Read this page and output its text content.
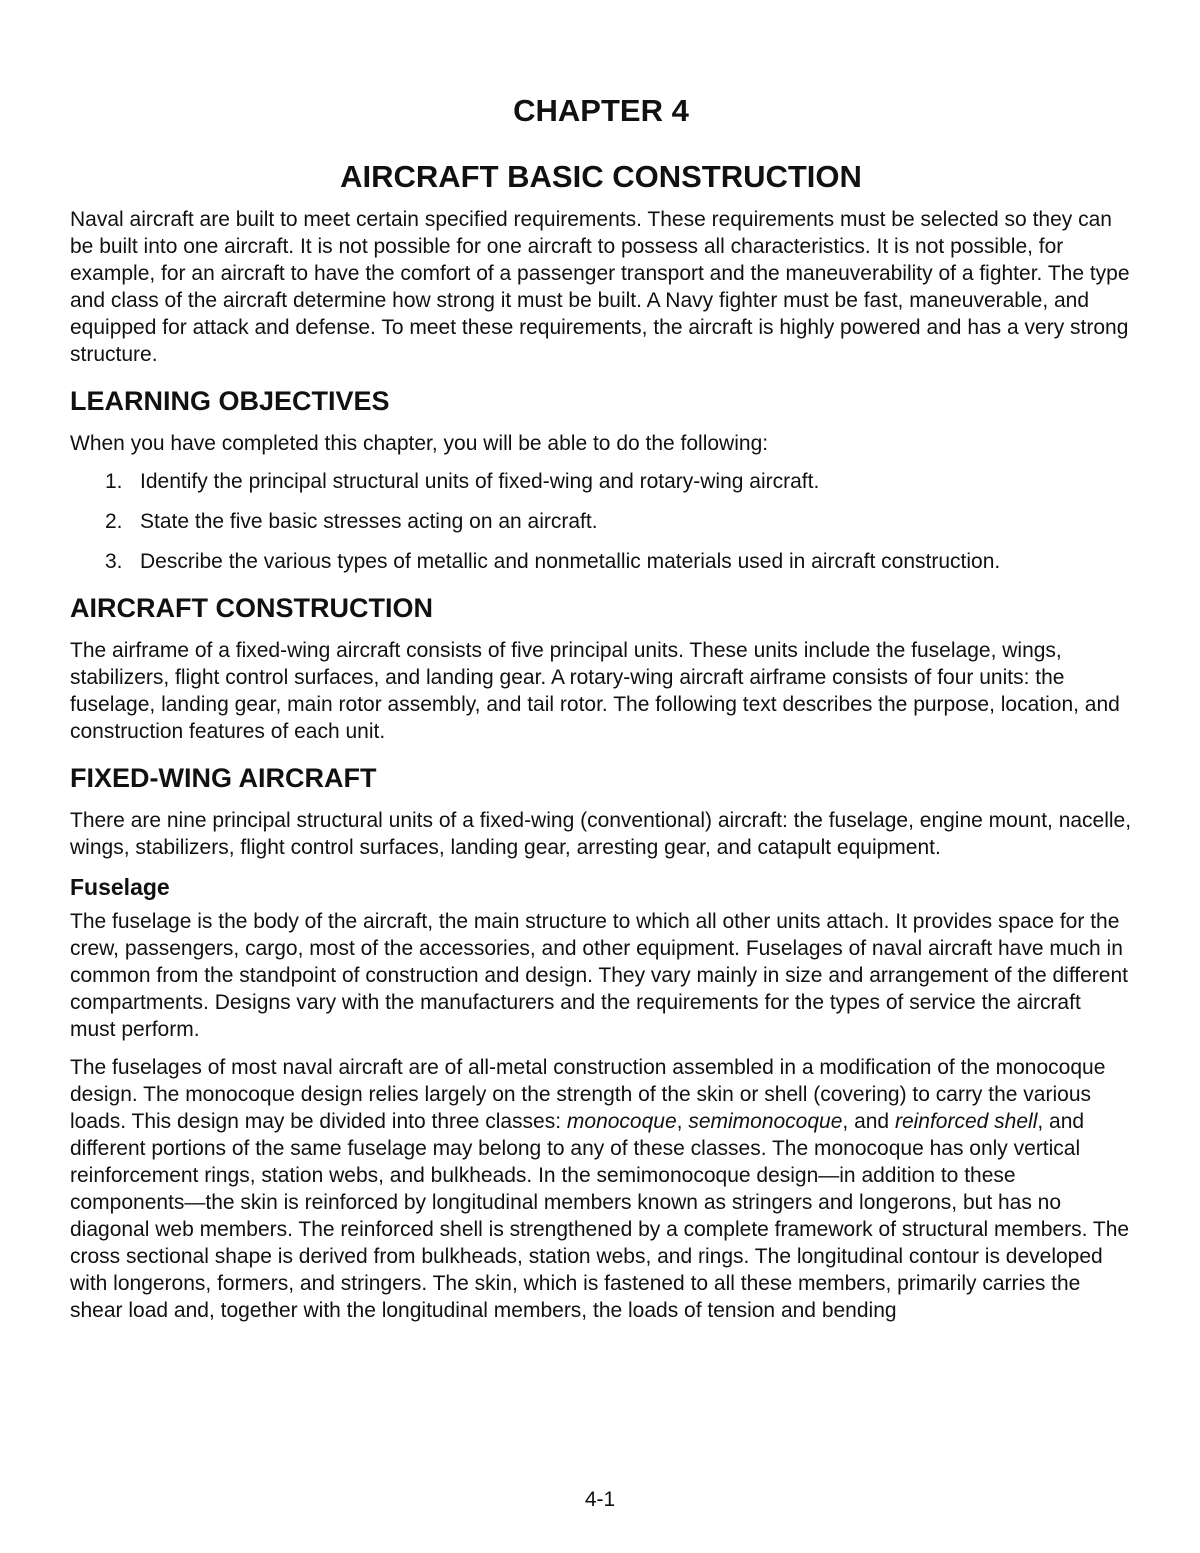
CHAPTER 4
AIRCRAFT BASIC CONSTRUCTION

Naval aircraft are built to meet certain specified requirements. These requirements must be selected so they can be built into one aircraft. It is not possible for one aircraft to possess all characteristics. It is not possible, for example, for an aircraft to have the comfort of a passenger transport and the maneuverability of a fighter. The type and class of the aircraft determine how strong it must be built. A Navy fighter must be fast, maneuverable, and equipped for attack and defense. To meet these requirements, the aircraft is highly powered and has a very strong structure.

LEARNING OBJECTIVES

When you have completed this chapter, you will be able to do the following:

1. Identify the principal structural units of fixed-wing and rotary-wing aircraft.
2. State the five basic stresses acting on an aircraft.
3. Describe the various types of metallic and nonmetallic materials used in aircraft construction.
AIRCRAFT CONSTRUCTION

The airframe of a fixed-wing aircraft consists of five principal units. These units include the fuselage, wings, stabilizers, flight control surfaces, and landing gear. A rotary-wing aircraft airframe consists of four units: the fuselage, landing gear, main rotor assembly, and tail rotor. The following text describes the purpose, location, and construction features of each unit.

FIXED-WING AIRCRAFT

There are nine principal structural units of a fixed-wing (conventional) aircraft: the fuselage, engine mount, nacelle, wings, stabilizers, flight control surfaces, landing gear, arresting gear, and catapult equipment.

Fuselage

The fuselage is the body of the aircraft, the main structure to which all other units attach. It provides space for the crew, passengers, cargo, most of the accessories, and other equipment. Fuselages of naval aircraft have much in common from the standpoint of construction and design. They vary mainly in size and arrangement of the different compartments. Designs vary with the manufacturers and the requirements for the types of service the aircraft must perform.

The fuselages of most naval aircraft are of all-metal construction assembled in a modification of the monocoque design. The monocoque design relies largely on the strength of the skin or shell (covering) to carry the various loads. This design may be divided into three classes: monocoque, semimonocoque, and reinforced shell, and different portions of the same fuselage may belong to any of these classes. The monocoque has only vertical reinforcement rings, station webs, and bulkheads. In the semimonocoque design—in addition to these components—the skin is reinforced by longitudinal members known as stringers and longerons, but has no diagonal web members. The reinforced shell is strengthened by a complete framework of structural members. The cross sectional shape is derived from bulkheads, station webs, and rings. The longitudinal contour is developed with longerons, formers, and stringers. The skin, which is fastened to all these members, primarily carries the shear load and, together with the longitudinal members, the loads of tension and bending

4-1
